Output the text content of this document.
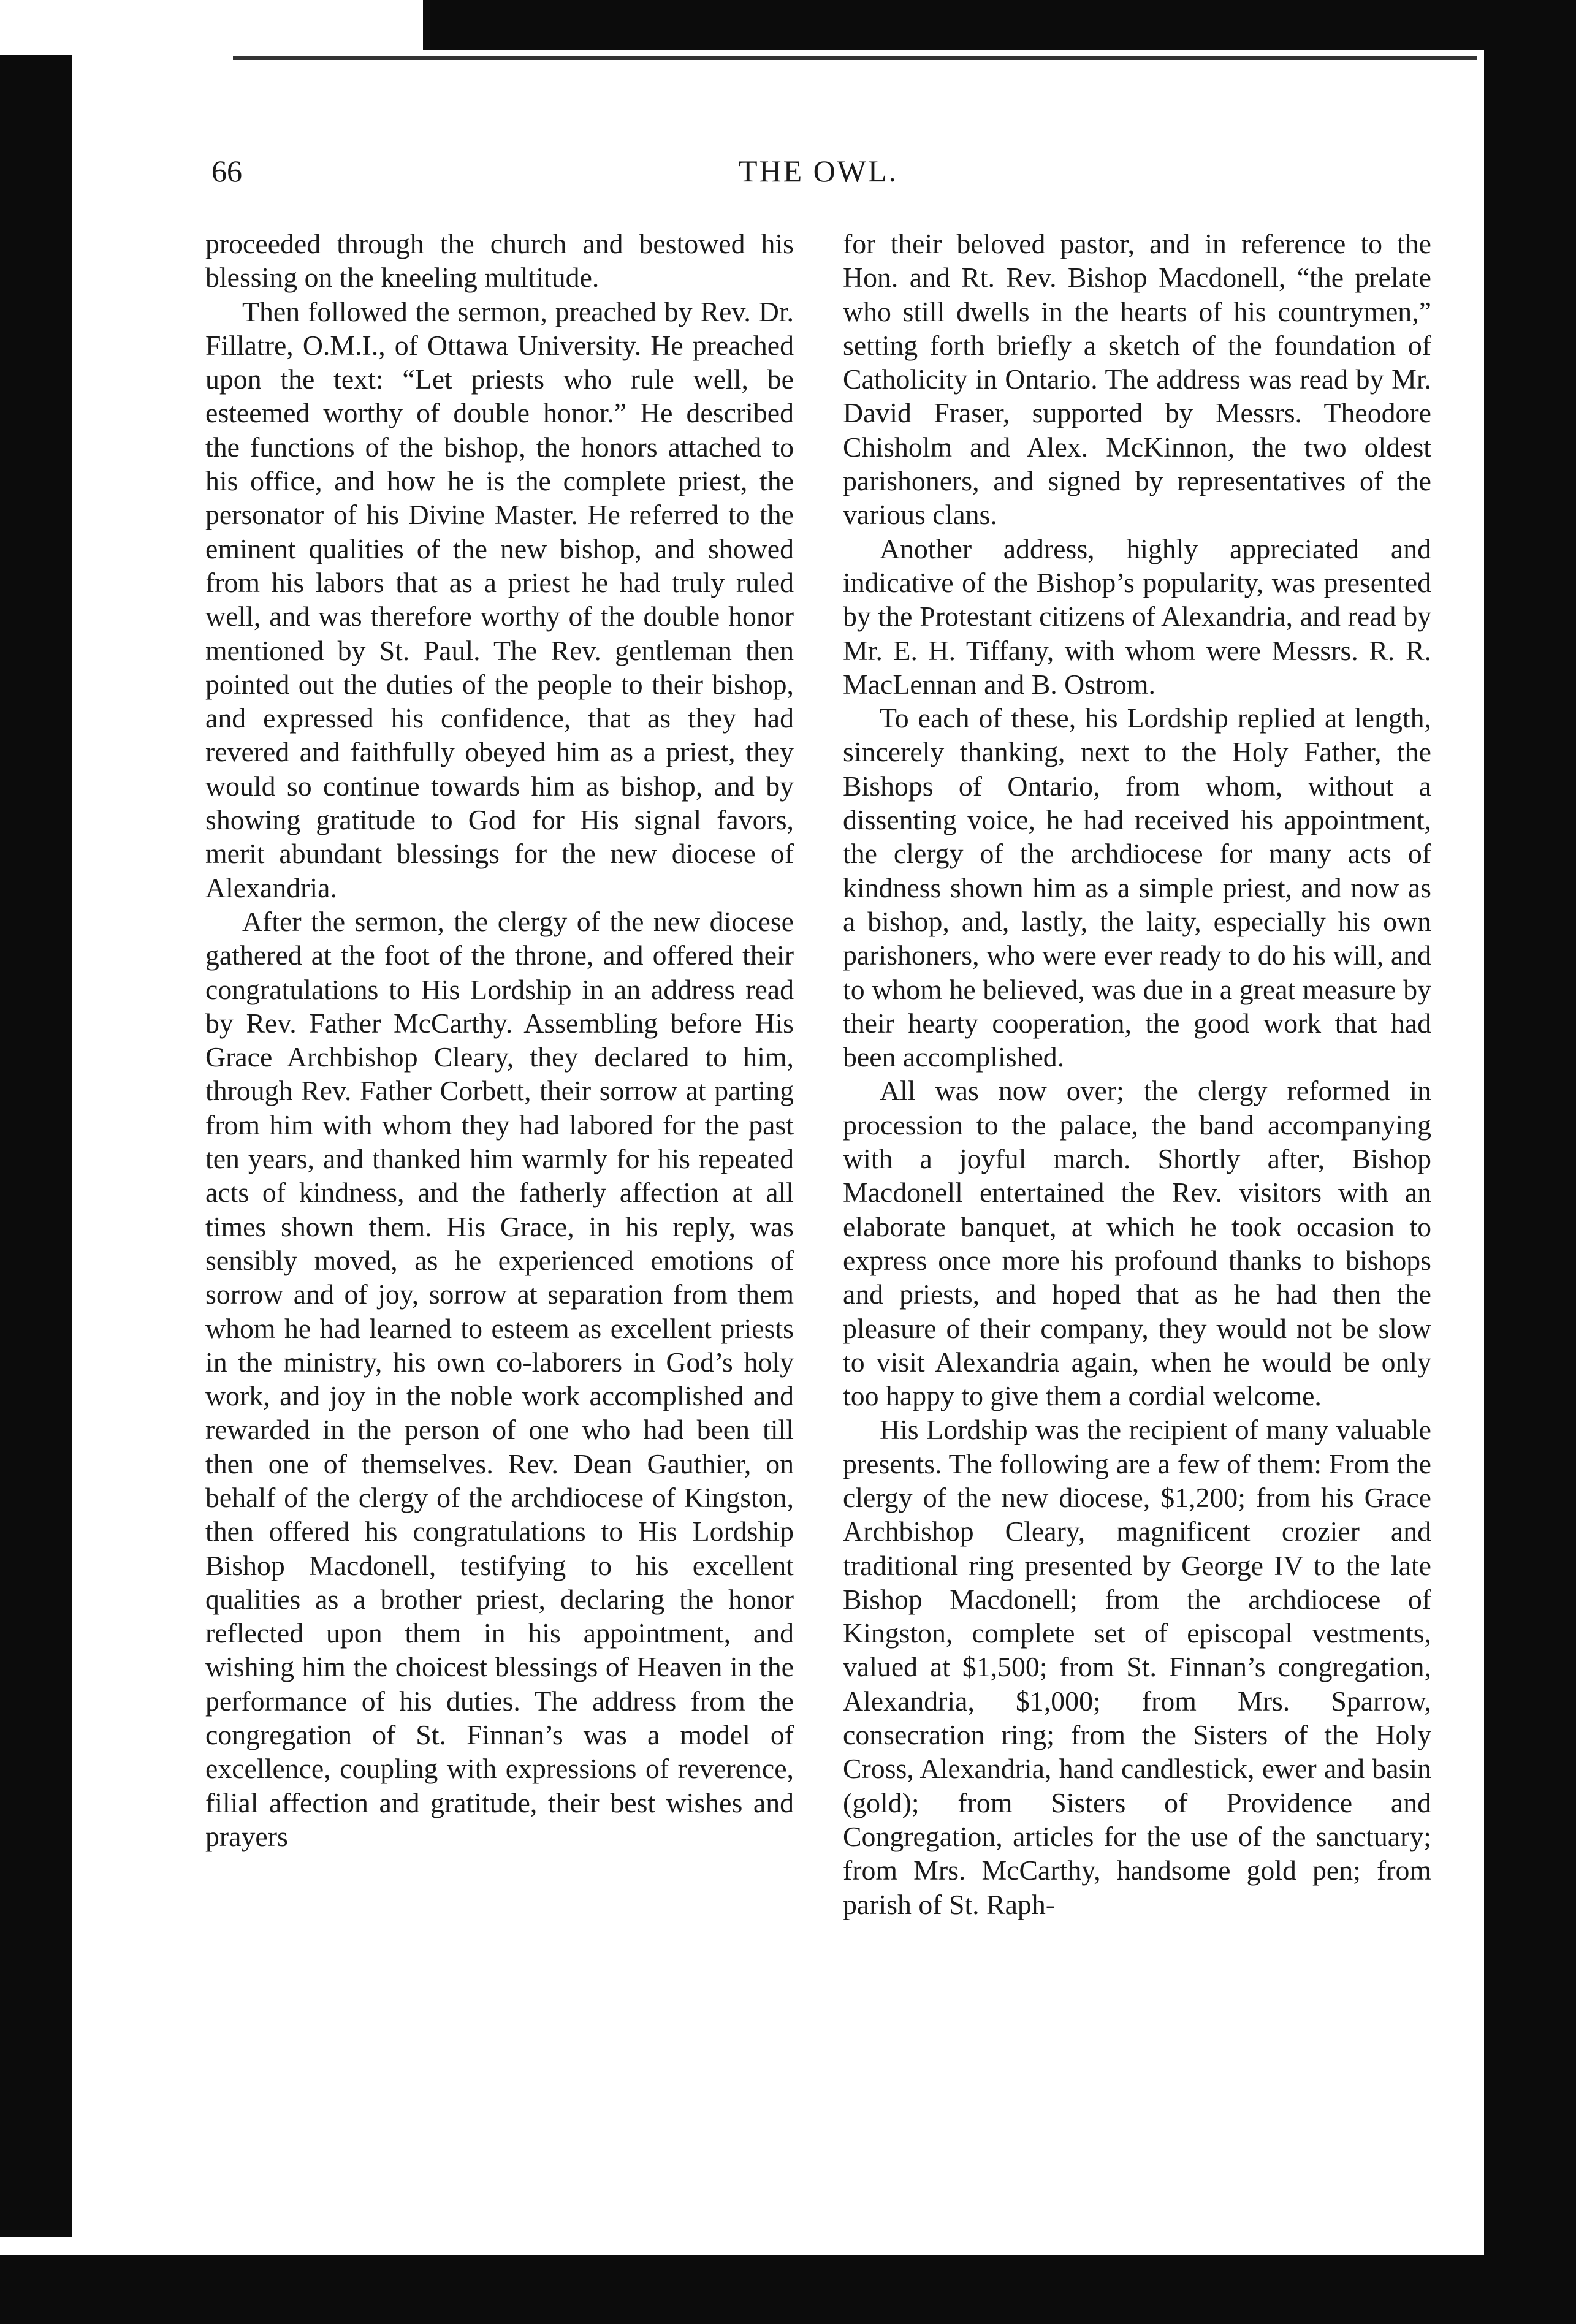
66	THE OWL.

proceeded through the church and bestowed his blessing on the kneeling multitude.

Then followed the sermon, preached by Rev. Dr. Fillatre, O.M.I., of Ottawa University. He preached upon the text: “Let priests who rule well, be esteemed worthy of double honor.” He described the functions of the bishop, the honors attached to his office, and how he is the complete priest, the personator of his Divine Master. He referred to the eminent qualities of the new bishop, and showed from his labors that as a priest he had truly ruled well, and was therefore worthy of the double honor mentioned by St. Paul. The Rev. gentleman then pointed out the duties of the people to their bishop, and expressed his confidence, that as they had revered and faithfully obeyed him as a priest, they would so continue towards him as bishop, and by showing gratitude to God for His signal favors, merit abundant blessings for the new diocese of Alexandria.

After the sermon, the clergy of the new diocese gathered at the foot of the throne, and offered their congratulations to His Lordship in an address read by Rev. Father McCarthy. Assembling before His Grace Archbishop Cleary, they declared to him, through Rev. Father Corbett, their sorrow at parting from him with whom they had labored for the past ten years, and thanked him warmly for his repeated acts of kindness, and the fatherly affection at all times shown them. His Grace, in his reply, was sensibly moved, as he experienced emotions of sorrow and of joy, sorrow at separation from them whom he had learned to esteem as excellent priests in the ministry, his own co-laborers in God’s holy work, and joy in the noble work accomplished and rewarded in the person of one who had been till then one of themselves. Rev. Dean Gauthier, on behalf of the clergy of the archdiocese of Kingston, then offered his congratulations to His Lordship Bishop Macdonell, testifying to his excellent qualities as a brother priest, declaring the honor reflected upon them in his appointment, and wishing him the choicest blessings of Heaven in the performance of his duties. The address from the congregation of St. Finnan’s was a model of excellence, coupling with expressions of reverence, filial affection and gratitude, their best wishes and prayers

for their beloved pastor, and in reference to the Hon. and Rt. Rev. Bishop Macdonell, “the prelate who still dwells in the hearts of his countrymen,” setting forth briefly a sketch of the foundation of Catholicity in Ontario. The address was read by Mr. David Fraser, supported by Messrs. Theodore Chisholm and Alex. McKinnon, the two oldest parishoners, and signed by representatives of the various clans.

Another address, highly appreciated and indicative of the Bishop’s popularity, was presented by the Protestant citizens of Alexandria, and read by Mr. E. H. Tiffany, with whom were Messrs. R. R. MacLennan and B. Ostrom.

To each of these, his Lordship replied at length, sincerely thanking, next to the Holy Father, the Bishops of Ontario, from whom, without a dissenting voice, he had received his appointment, the clergy of the archdiocese for many acts of kindness shown him as a simple priest, and now as a bishop, and, lastly, the laity, especially his own parishoners, who were ever ready to do his will, and to whom he believed, was due in a great measure by their hearty cooperation, the good work that had been accomplished.

All was now over; the clergy reformed in procession to the palace, the band accompanying with a joyful march. Shortly after, Bishop Macdonell entertained the Rev. visitors with an elaborate banquet, at which he took occasion to express once more his profound thanks to bishops and priests, and hoped that as he had then the pleasure of their company, they would not be slow to visit Alexandria again, when he would be only too happy to give them a cordial welcome.

His Lordship was the recipient of many valuable presents. The following are a few of them: From the clergy of the new diocese, $1,200; from his Grace Archbishop Cleary, magnificent crozier and traditional ring presented by George IV to the late Bishop Macdonell; from the archdiocese of Kingston, complete set of episcopal vestments, valued at $1,500; from St. Finnan’s congregation, Alexandria, $1,000; from Mrs. Sparrow, consecration ring; from the Sisters of the Holy Cross, Alexandria, hand candlestick, ewer and basin (gold); from Sisters of Providence and Congregation, articles for the use of the sanctuary; from Mrs. McCarthy, handsome gold pen; from parish of St. Raph-
